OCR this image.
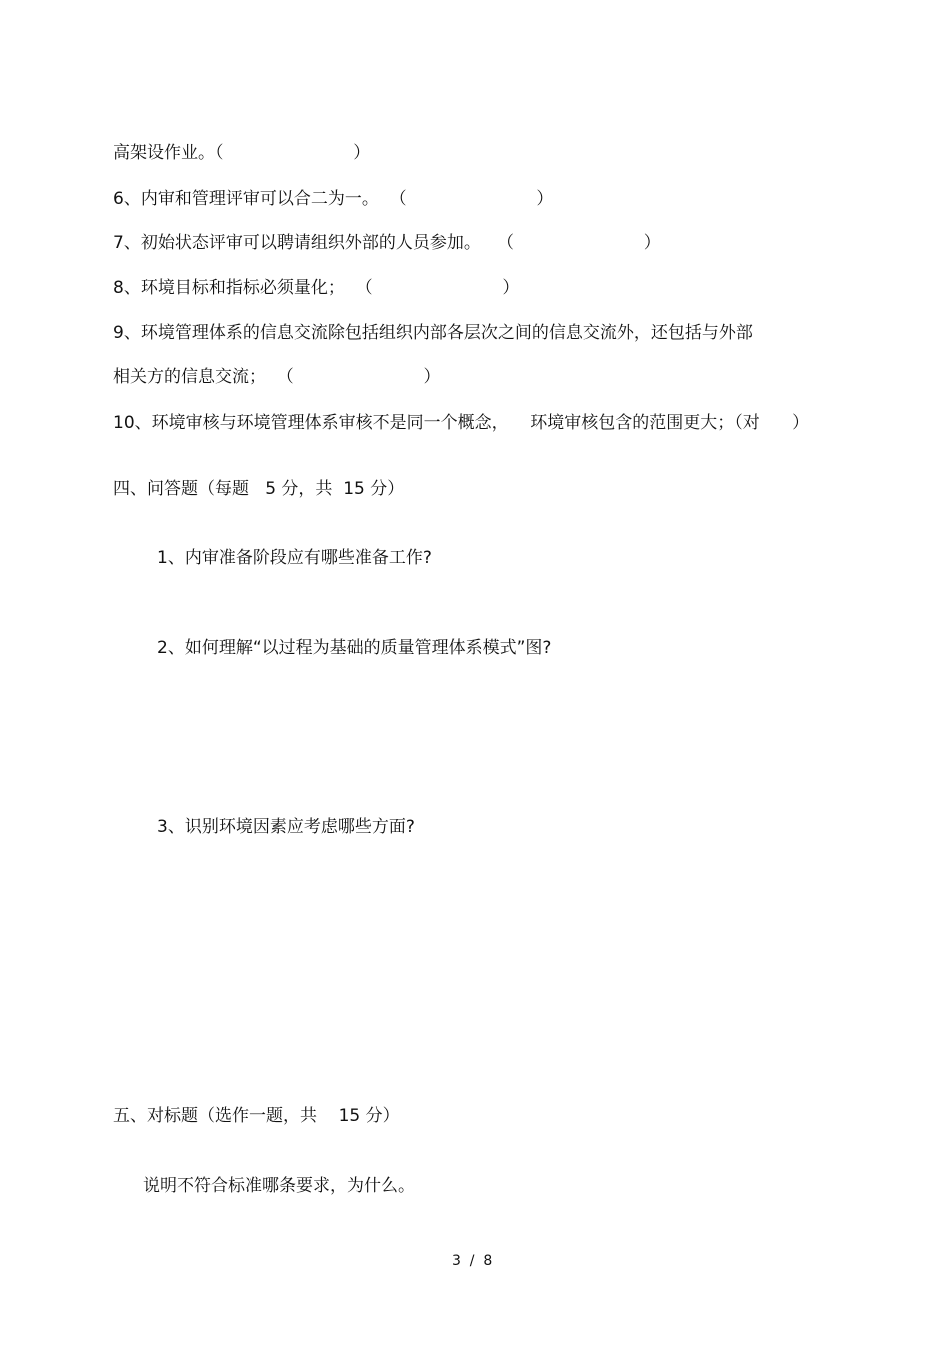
高架设作业。（                        ）
6、内审和管理评审可以合二为一。  （                        ）
7、初始状态评审可以聘请组织外部的人员参加。   （                        ）
8、环境目标和指标必须量化；  （                        ）
9、环境管理体系的信息交流除包括组织内部各层次之间的信息交流外，还包括与外部
相关方的信息交流；  （                        ）
10、环境审核与环境管理体系审核不是同一个概念，    环境审核包含的范围更大；（对      ）
四、问答题（每题   5 分，共  15 分）
1、内审准备阶段应有哪些准备工作?
2、如何理解“以过程为基础的质量管理体系模式”图?
3、识别环境因素应考虑哪些方面?
五、对标题（选作一题，共    15 分）
说明不符合标准哪条要求，为什么。
3  /  8
